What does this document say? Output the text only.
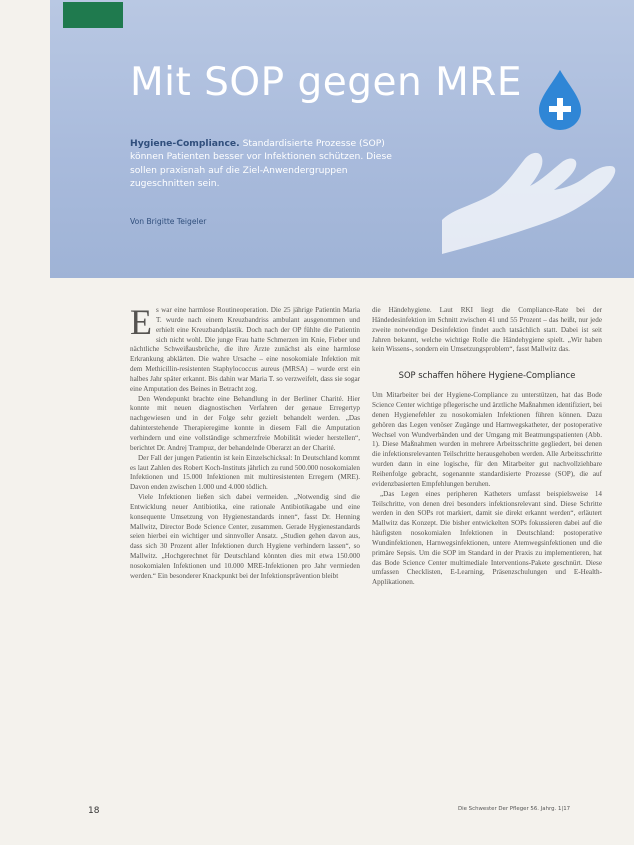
Mit SOP gegen MRE
Hygiene-Compliance. Standardisierte Prozesse (SOP) können Patienten besser vor Infektionen schützen. Diese sollen praxisnah auf die Ziel-Anwendergruppen zugeschnitten sein.
Von Brigitte Teigeler

Es war eine harmlose Routineoperation. Die 25 jährige Patientin Maria T. wurde nach einem Kreuzbandriss ambulant ausgenommen und erhielt eine Kreuzbandplastik. Doch nach der OP fühlte die Patientin sich nicht wohl. Die junge Frau hatte Schmerzen im Knie, Fieber und nächtliche Schweißausbrüche, die ihre Ärzte zunächst als eine harmlose Erkrankung abklärten. Die wahre Ursache – eine nosokomiale Infektion mit dem Methicillin-resistenten Staphylococcus aureus (MRSA) – wurde erst ein halbes Jahr später erkannt. Bis dahin war Maria T. so verzweifelt, dass sie sogar eine Amputation des Beines in Betracht zog.

Den Wendepunkt brachte eine Behandlung in der Berliner Charité. Hier konnte mit neuen diagnostischen Verfahren der genaue Erregertyp nachgewiesen und in der Folge sehr gezielt behandelt werden. „Das dahinterstehende Therapieregime konnte in diesem Fall die Amputation verhindern und eine vollständige schmerzfreie Mobilität wieder herstellen“, berichtet Dr. Andrej Trampuz, der behandelnde Oberarzt an der Charité.

Der Fall der jungen Patientin ist kein Einzelschicksal: In Deutschland kommt es laut Zahlen des Robert Koch-Instituts jährlich zu rund 500.000 nosokomialen Infektionen und 15.000 Infektionen mit multiresistenten Erregern (MRE). Davon enden zwischen 1.000 und 4.000 tödlich.

Viele Infektionen ließen sich dabei vermeiden. „Notwendig sind die Entwicklung neuer Antibiotika, eine rationale Antibiotikagabe und eine konsequente Umsetzung von Hygienestandards innen“, fasst Dr. Henning Mallwitz, Director Bode Science Center, zusammen. Gerade Hygienestandards seien hierbei ein wichtiger und sinnvoller Ansatz. „Studien gehen davon aus, dass sich 30 Prozent aller Infektionen durch Hygiene verhindern lassen“, so Mallwitz. „Hochgerechnet für Deutschland könnten dies mit etwa 150.000 nosokomialen Infektionen und 10.000 MRE-Infektionen pro Jahr vermieden werden.“ Ein besonderer Knackpunkt bei der Infektionsprävention bleibt

die Händehygiene. Laut RKI liegt die Compliance-Rate bei der Händedesinfektion im Schnitt zwischen 41 und 55 Prozent – das heißt, nur jede zweite notwendige Desinfektion findet auch tatsächlich statt. Dabei ist seit Jahren bekannt, welche wichtige Rolle die Händehygiene spielt. „Wir haben kein Wissens-, sondern ein Umsetzungsproblem“, fasst Mallwitz das.

SOP schaffen höhere Hygiene-Compliance

Um Mitarbeiter bei der Hygiene-Compliance zu unterstützen, hat das Bode Science Center wichtige pflegerische und ärztliche Maßnahmen identifiziert, bei denen Hygienefehler zu nosokomialen Infektionen führen können. Dazu gehören das Legen venöser Zugänge und Harnwegskatheter, der postoperative Wechsel von Wundverbänden und der Umgang mit Beatmungspatienten (Abb. 1). Diese Maßnahmen wurden in mehrere Arbeitsschritte gegliedert, bei denen die infektionsrelevanten Teilschritte herausgehoben werden. Alle Arbeitsschritte wurden dann in eine logische, für den Mitarbeiter gut nachvollziehbare Reihenfolge gebracht, sogenannte standardisierte Prozesse (SOP), die auf evidenzbasierten Empfehlungen beruhen.

„Das Legen eines peripheren Katheters umfasst beispielsweise 14 Teilschritte, von denen drei besonders infektionsrelevant sind. Diese Schritte werden in den SOPs rot markiert, damit sie direkt erkannt werden“, erläutert Mallwitz das Konzept. Die bisher entwickelten SOPs fokussieren dabei auf die häufigsten nosokomialen Infektionen in Deutschland: postoperative Wundinfektionen, Harnwegsinfektionen, untere Atemwegsinfektionen und die primäre Sepsis. Um die SOP im Standard in der Praxis zu implementieren, hat das Bode Science Center multimediale Interventions-Pakete geschnürt. Diese umfassen Checklisten, E-Learning, Präsenzschulungen und E-Health-Applikationen.

18	Die Schwester Der Pfleger 56. Jahrg. 1|17
